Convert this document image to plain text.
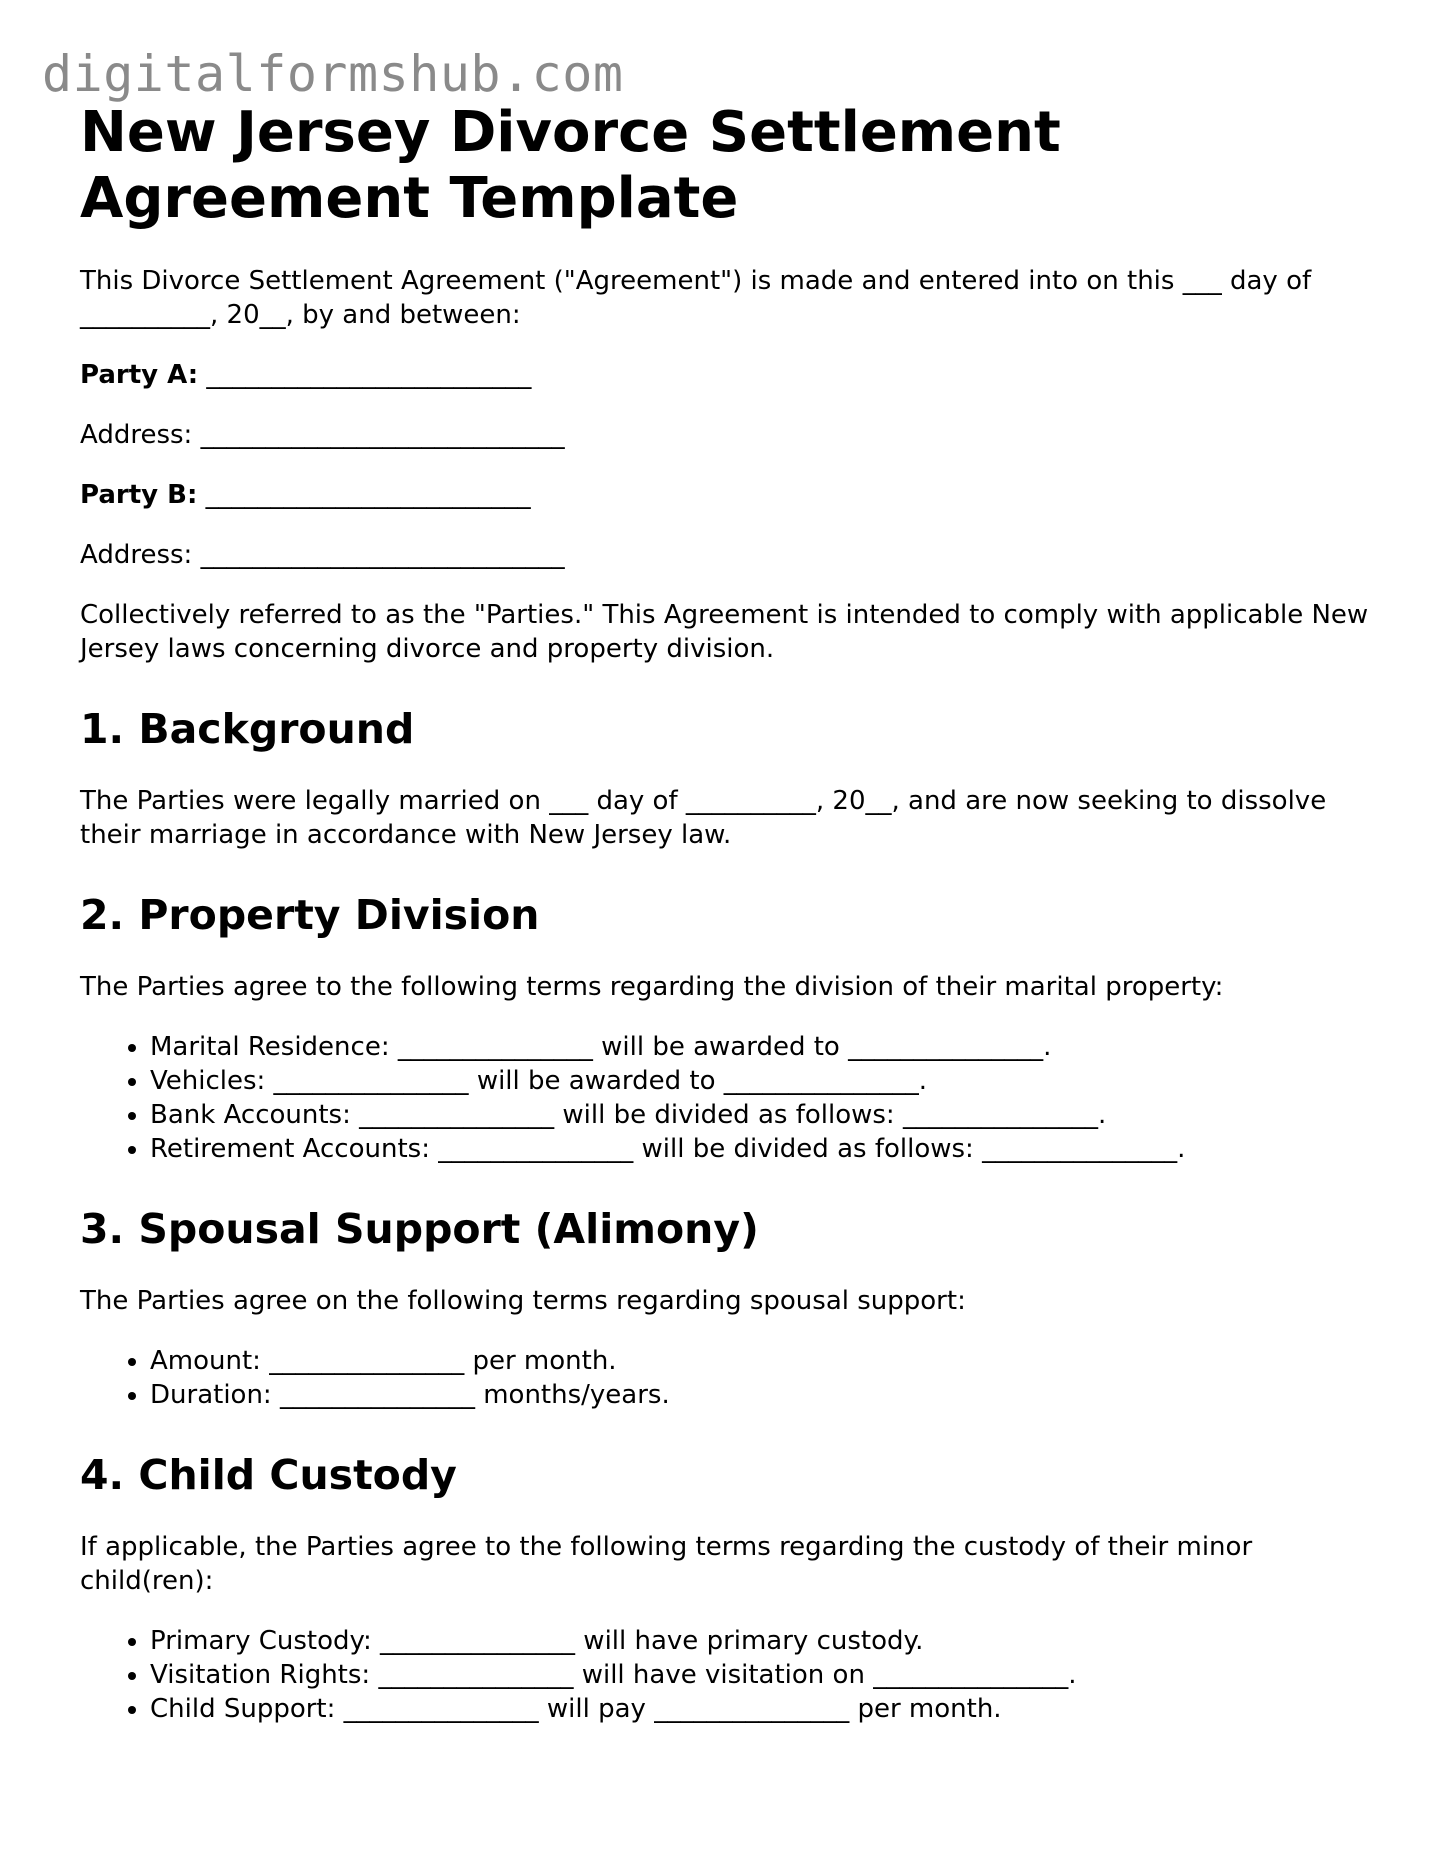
digitalformshub.com

New Jersey Divorce Settlement Agreement Template

This Divorce Settlement Agreement ("Agreement") is made and entered into on this ___ day of __________, 20__, by and between:

Party A: _________________________

Address: ____________________________

Party B: _________________________

Address: ____________________________

Collectively referred to as the "Parties." This Agreement is intended to comply with applicable New Jersey laws concerning divorce and property division.

1. Background

The Parties were legally married on ___ day of __________, 20__, and are now seeking to dissolve their marriage in accordance with New Jersey law.

2. Property Division

The Parties agree to the following terms regarding the division of their marital property:

• Marital Residence: _______________ will be awarded to _______________.
• Vehicles: _______________ will be awarded to _______________.
• Bank Accounts: _______________ will be divided as follows: _______________.
• Retirement Accounts: _______________ will be divided as follows: _______________.
3. Spousal Support (Alimony)

The Parties agree on the following terms regarding spousal support:

• Amount: _______________ per month.
• Duration: _______________ months/years.
4. Child Custody

If applicable, the Parties agree to the following terms regarding the custody of their minor child(ren):

• Primary Custody: _______________ will have primary custody.
• Visitation Rights: _______________ will have visitation on _______________.
• Child Support: _______________ will pay _______________ per month.
